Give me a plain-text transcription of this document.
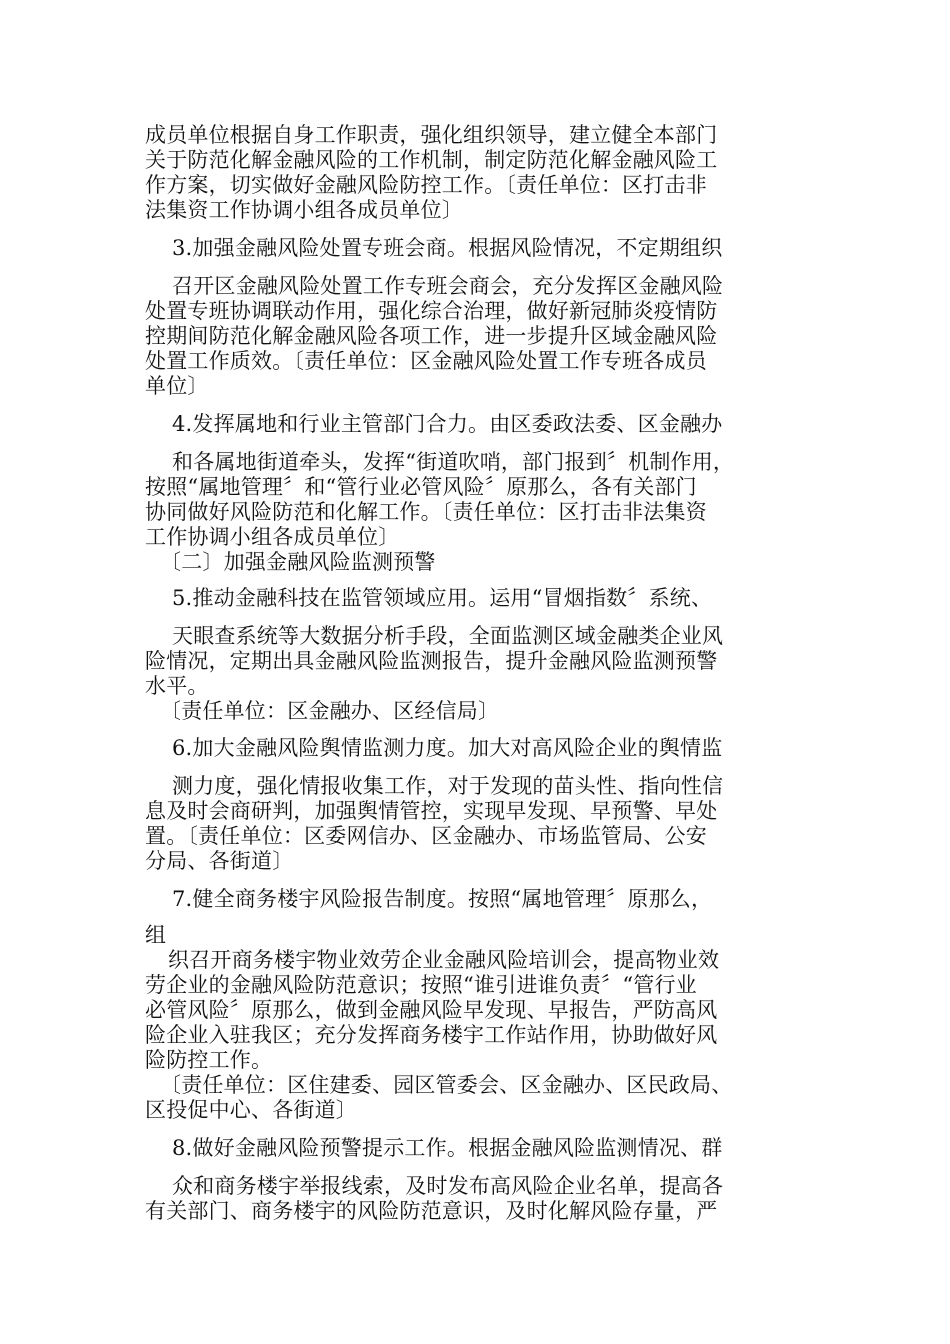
成员单位根据自身工作职责，强化组织领导，建立健全本部门
关于防范化解金融风险的工作机制，制定防范化解金融风险工
作方案，切实做好金融风险防控工作。〔责任单位：区打击非
法集资工作协调小组各成员单位〕
3.加强金融风险处置专班会商。根据风险情况，不定期组织
召开区金融风险处置工作专班会商会，充分发挥区金融风险
处置专班协调联动作用，强化综合治理，做好新冠肺炎疫情防
控期间防范化解金融风险各项工作，进一步提升区域金融风险
处置工作质效。〔责任单位：区金融风险处置工作专班各成员
单位〕
4.发挥属地和行业主管部门合力。由区委政法委、区金融办
和各属地街道牵头，发挥“街道吹哨，部门报到〞机制作用，
按照“属地管理〞和“管行业必管风险〞原那么，各有关部门
协同做好风险防范和化解工作。〔责任单位：区打击非法集资
工作协调小组各成员单位〕
〔二〕加强金融风险监测预警
5.推动金融科技在监管领域应用。运用“冒烟指数〞系统、
天眼查系统等大数据分析手段，全面监测区域金融类企业风
险情况，定期出具金融风险监测报告，提升金融风险监测预警
水平。
〔责任单位：区金融办、区经信局〕
6.加大金融风险舆情监测力度。加大对高风险企业的舆情监
测力度，强化情报收集工作，对于发现的苗头性、指向性信
息及时会商研判，加强舆情管控，实现早发现、早预警、早处
置。〔责任单位：区委网信办、区金融办、市场监管局、公安
分局、各街道〕
7.健全商务楼宇风险报告制度。按照“属地管理〞原那么，
组
织召开商务楼宇物业效劳企业金融风险培训会，提高物业效
劳企业的金融风险防范意识；按照“谁引进谁负责〞“管行业
必管风险〞原那么，做到金融风险早发现、早报告，严防高风
险企业入驻我区；充分发挥商务楼宇工作站作用，协助做好风
险防控工作。
〔责任单位：区住建委、园区管委会、区金融办、区民政局、
区投促中心、各街道〕
8.做好金融风险预警提示工作。根据金融风险监测情况、群
众和商务楼宇举报线索，及时发布高风险企业名单，提高各
有关部门、商务楼宇的风险防范意识，及时化解风险存量，严
